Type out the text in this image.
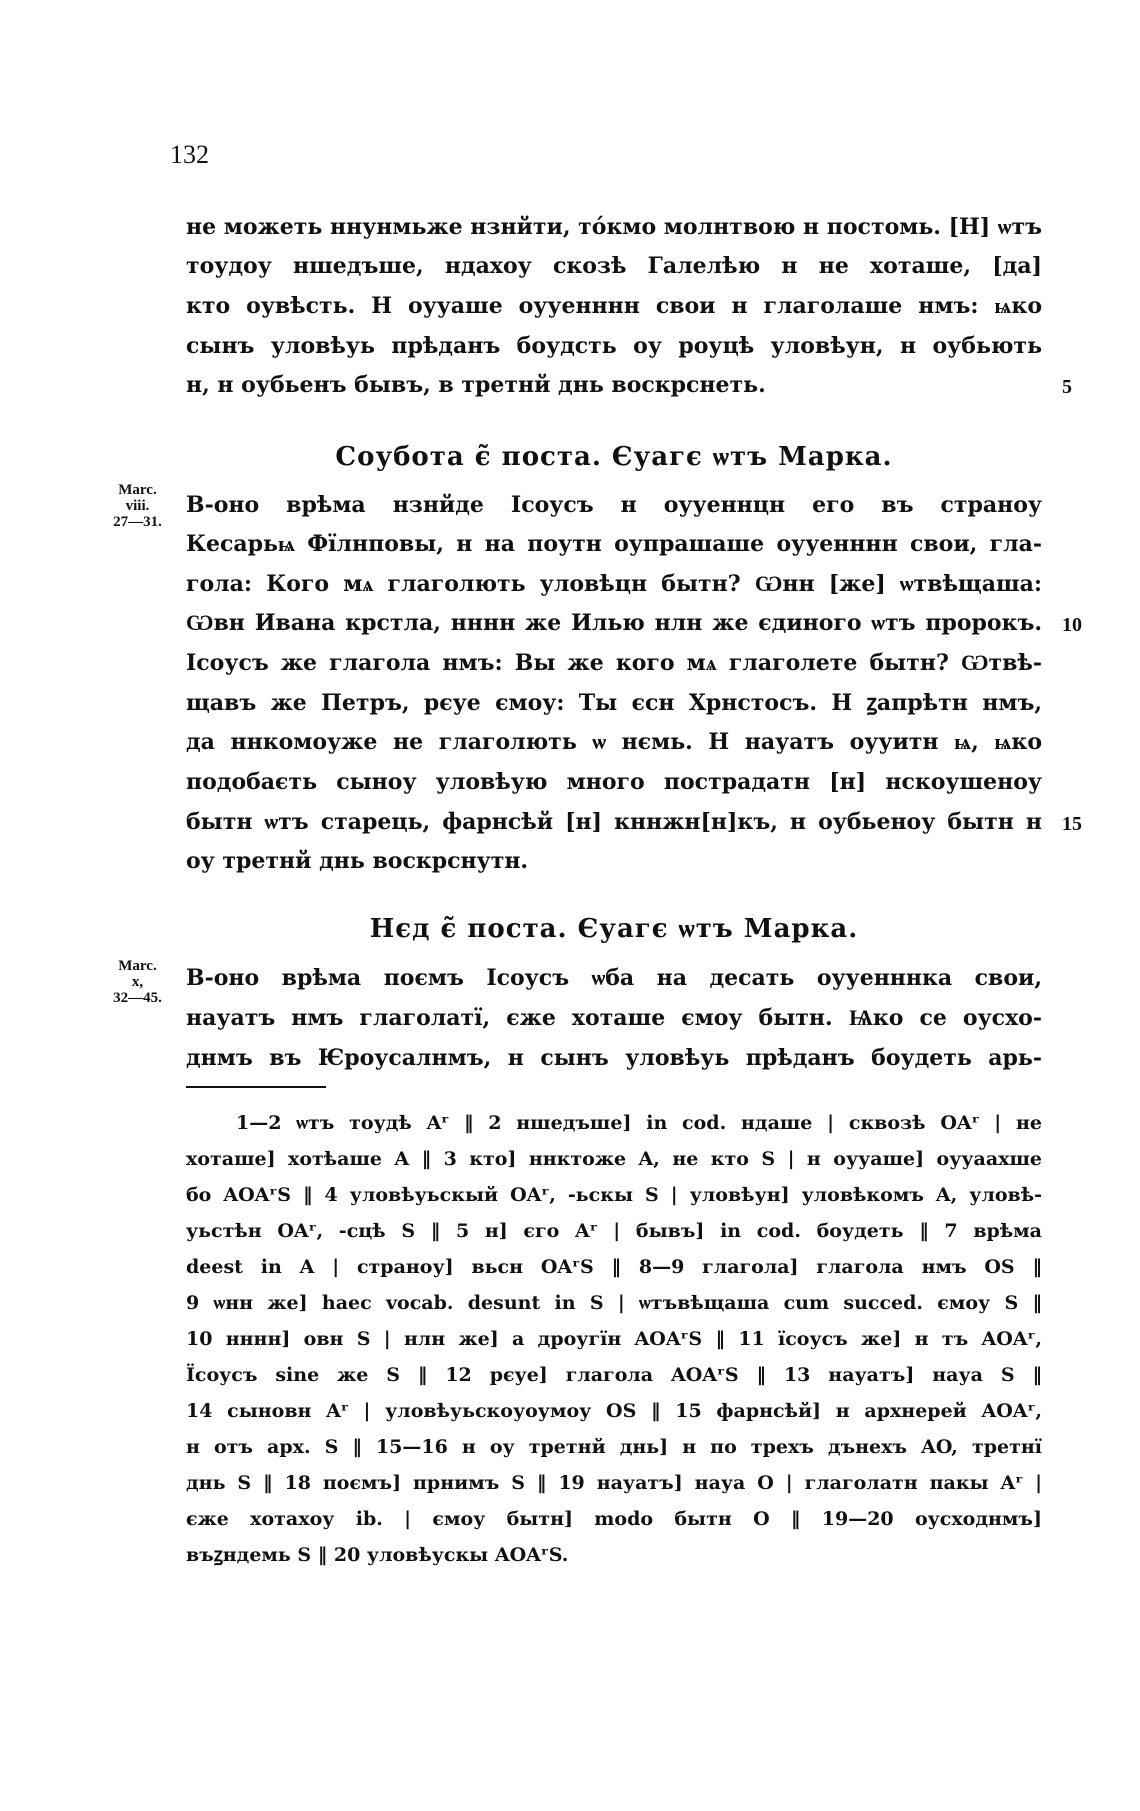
132
не можеть ннунмьже нзнйти, то́кмо молнтвою н постомь. [Н] ѡтъ
тоудоу ншедъше, ндахоу скозѣ Галелѣю н не хоташе, [да]
кто оувѣсть. Н оууаше оууенннн свои н глаголаше нмъ: ѩко
сынъ уловѣуь прѣданъ боудсть оу роуцѣ уловѣун, н оубьють
н, н оубьенъ бывъ, в третнй днь воскрснеть.	5
Соубота є̃ поста. Єуагє ѡтъ Марка.
Marc.
viii.
27—31.
В-оно врѣма нзнйде Ісоусъ н оууеннцн его въ страноу
Кесарьѩ Фїлнповы, н на поутн оупрашаше оууенннн свои, гла-
гола: Кого мѧ глаголють уловѣцн бытн? Ѡнн [же] ѡтвѣщаша:
Ѡвн Ивана крстла, нннн же Илью нлн же єдиного ѡтъ пророкъ.
Ісоусъ же глагола нмъ: Вы же кого мѧ глаголете бытн? Ѡтвѣ-
щавъ же Петръ, рєуе ємоу: Ты єсн Хрнстосъ. Н ꙁапрѣтн нмъ,
да ннкомоуже не глаголють ѡ нємь. Н науатъ оууитн ѩ, ѩко
подобаєть сыноу уловѣую много пострадатн [н] нскоушеноу
бытн ѡтъ старець, фарнсѣй [н] кннжн[н]къ, н оубьеноу бытн н
оу третнй днь воскрснутн.
10
15
Нєд є̃ поста. Єуагє ѡтъ Марка.
Marc.
x,
32—45.
В-оно врѣма поємъ Ісоусъ ѡба на десать оууенннка свои,
науатъ нмъ глаголатї, єже хоташе ємоу бытн. Ѩко се оусхо-
днмъ въ Ѥроусалнмъ, н сынъ уловѣуь прѣданъ боудеть арь-
1—2 ѡтъ тоудѣ Aʳ ‖ 2 ншедъше] in cod. ндаше | сквозѣ OAʳ | не
хоташе] хотѣаше A ‖ 3 кто] ннктоже A, не кто S | н оууаше] оууаахше
бо AOAʳS ‖ 4 уловѣуьскый OAʳ, -ьскы S | уловѣун] уловѣкомъ A, уловѣ-
уьстѣн OAʳ, -сцѣ S ‖ 5 н] єго Aʳ | бывъ] in cod. боудеть ‖ 7 врѣма
deest in A | страноу] вьсн OAʳS ‖ 8—9 глагола] глагола нмъ OS ‖
9 ѡнн же] haec vocab. desunt in S | ѡтъвѣщаша cum succed. ємоу S ‖
10 нннн] овн S | нлн же] а дроугїн AOAʳS ‖ 11 їсоусъ же] н тъ AOAʳ,
Їсоусъ sine же S ‖ 12 рєуе] глагола AOAʳS ‖ 13 науатъ] науа S ‖
14 сыновн Aʳ | уловѣуьскоуоумоу OS ‖ 15 фарнсѣй] н архнерей AOAʳ,
н отъ арх. S ‖ 15—16 н оу третнй днь] н по трехъ дънехъ AO, третнї
днь S ‖ 18 поємъ] прнимъ S ‖ 19 науатъ] науа O | глаголатн пакы Aʳ |
єже хотахоу ib. | ємоу бытн] modo бытн O ‖ 19—20 оусходнмъ]
въꙁндемь S ‖ 20 уловѣускы AOAʳS.
